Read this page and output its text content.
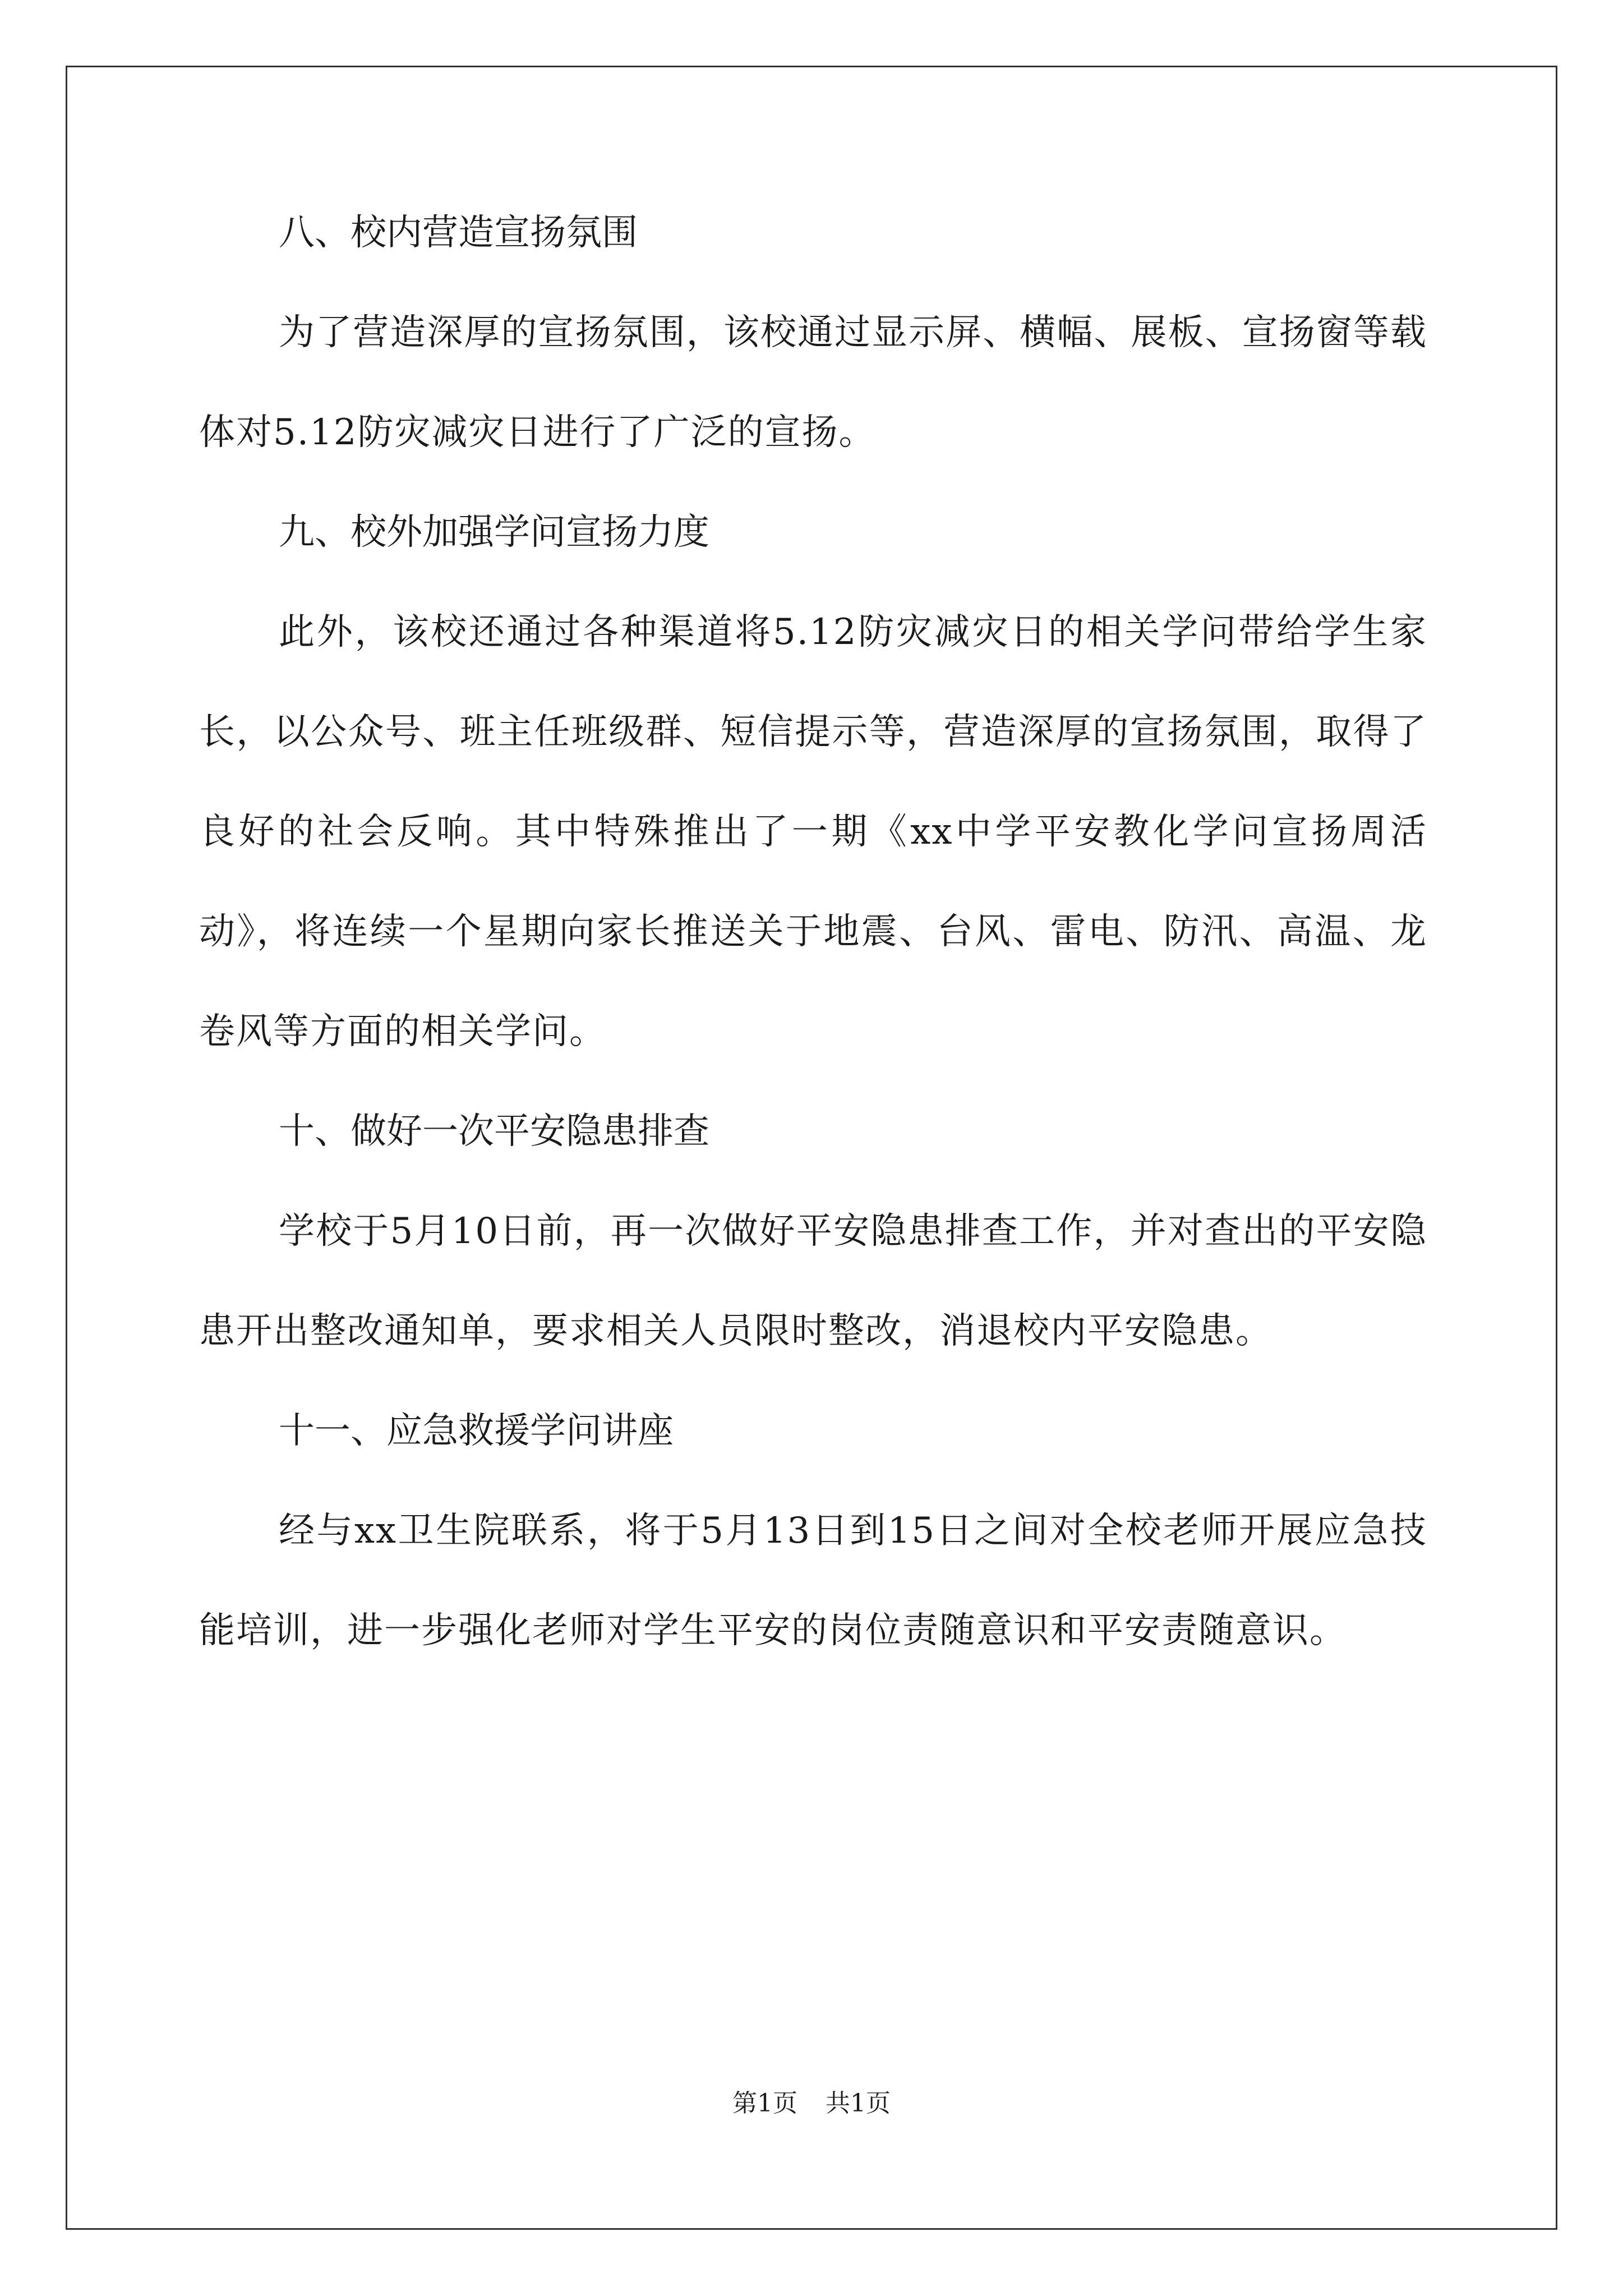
八、校内营造宣扬氛围
为了营造深厚的宣扬氛围，该校通过显示屏、横幅、展板、宣扬窗等载体对5.12防灾减灾日进行了广泛的宣扬。
九、校外加强学问宣扬力度
此外，该校还通过各种渠道将5.12防灾减灾日的相关学问带给学生家长，以公众号、班主任班级群、短信提示等，营造深厚的宣扬氛围，取得了良好的社会反响。其中特殊推出了一期《xx中学平安教化学问宣扬周活动》，将连续一个星期向家长推送关于地震、台风、雷电、防汛、高温、龙卷风等方面的相关学问。
十、做好一次平安隐患排查
学校于5月10日前，再一次做好平安隐患排查工作，并对查出的平安隐患开出整改通知单，要求相关人员限时整改，消退校内平安隐患。
十一、应急救援学问讲座
经与xx卫生院联系，将于5月13日到15日之间对全校老师开展应急技能培训，进一步强化老师对学生平安的岗位责随意识和平安责随意识。
第1页 共1页
